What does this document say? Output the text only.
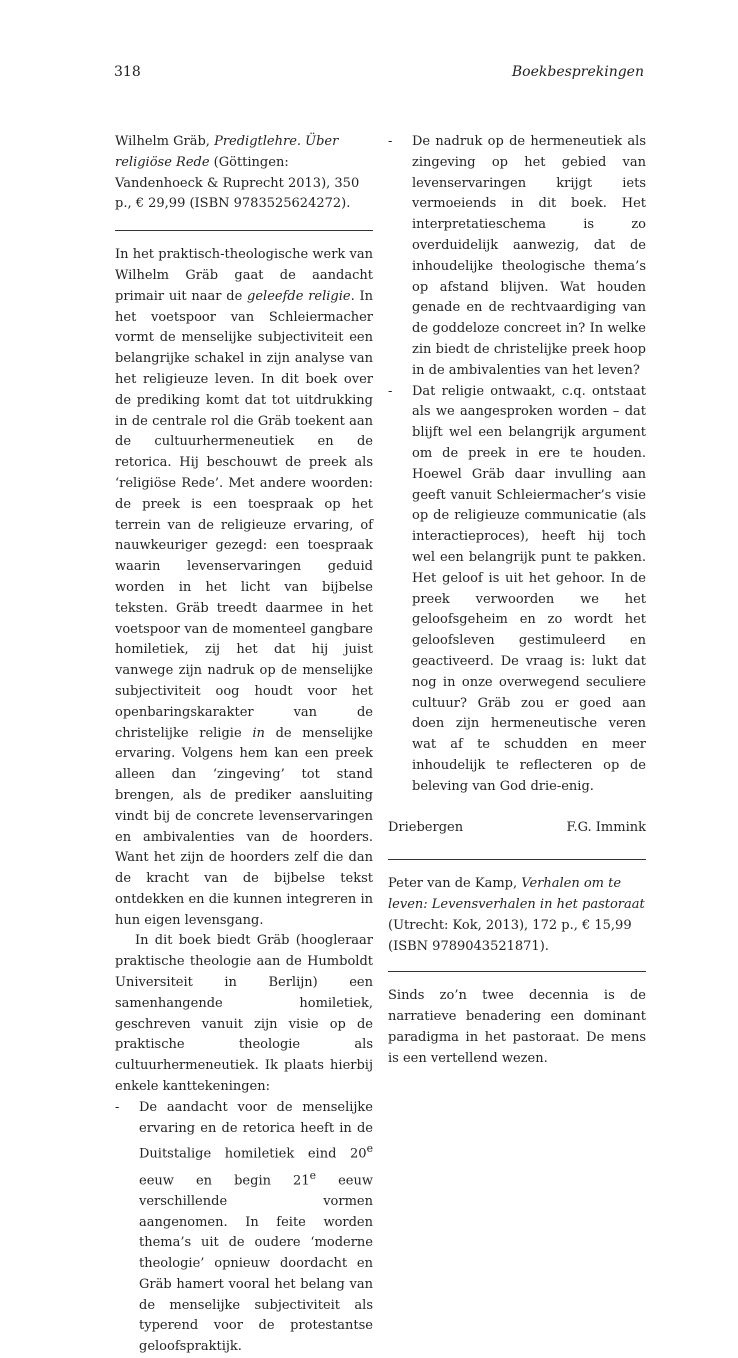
318	Boekbesprekingen

Wilhelm Gräb, Predigtlehre. Über religiöse Rede (Göttingen: Vandenhoeck & Ruprecht 2013), 350 p., € 29,99 (ISBN 9783525624272).

In het praktisch-theologische werk van Wilhelm Gräb gaat de aandacht primair uit naar de geleefde religie. In het voetspoor van Schleiermacher vormt de menselijke subjectiviteit een belangrijke schakel in zijn analyse van het religieuze leven. In dit boek over de prediking komt dat tot uitdrukking in de centrale rol die Gräb toekent aan de cultuurhermeneutiek en de retorica. Hij beschouwt de preek als ‘religiöse Rede’. Met andere woorden: de preek is een toespraak op het terrein van de religieuze ervaring, of nauwkeuriger gezegd: een toespraak waarin levenservaringen geduid worden in het licht van bijbelse teksten. Gräb treedt daarmee in het voetspoor van de momenteel gangbare homiletiek, zij het dat hij juist vanwege zijn nadruk op de menselijke subjectiviteit oog houdt voor het openbaringskarakter van de christelijke religie in de menselijke ervaring. Volgens hem kan een preek alleen dan ‘zingeving’ tot stand brengen, als de prediker aansluiting vindt bij de concrete levenservaringen en ambivalenties van de hoorders. Want het zijn de hoorders zelf die dan de kracht van de bijbelse tekst ontdekken en die kunnen integreren in hun eigen levensgang.

In dit boek biedt Gräb (hoogleraar praktische theologie aan de Humboldt Universiteit in Berlijn) een samenhangende homiletiek, geschreven vanuit zijn visie op de praktische theologie als cultuurhermeneutiek. Ik plaats hierbij enkele kanttekeningen:

- De aandacht voor de menselijke ervaring en de retorica heeft in de Duitstalige homiletiek eind 20e eeuw en begin 21e eeuw verschillende vormen aangenomen. In feite worden thema’s uit de oudere ‘moderne theologie’ opnieuw doordacht en Gräb hamert vooral het belang van de menselijke subjectiviteit als typerend voor de protestantse geloofspraktijk.
- De nadruk op de hermeneutiek als zingeving op het gebied van levenservaringen krijgt iets vermoeiends in dit boek. Het interpretatieschema is zo overduidelijk aanwezig, dat de inhoudelijke theologische thema’s op afstand blijven. Wat houden genade en de rechtvaardiging van de goddeloze concreet in? In welke zin biedt de christelijke preek hoop in de ambivalenties van het leven?
- Dat religie ontwaakt, c.q. ontstaat als we aangesproken worden – dat blijft wel een belangrijk argument om de preek in ere te houden. Hoewel Gräb daar invulling aan geeft vanuit Schleiermacher’s visie op de religieuze communicatie (als interactieproces), heeft hij toch wel een belangrijk punt te pakken. Het geloof is uit het gehoor. In de preek verwoorden we het geloofsgeheim en zo wordt het geloofsleven gestimuleerd en geactiveerd. De vraag is: lukt dat nog in onze overwegend seculiere cultuur? Gräb zou er goed aan doen zijn hermeneutische veren wat af te schudden en meer inhoudelijk te reflecteren op de beleving van God drie-enig.
Driebergen	F.G. Immink

Peter van de Kamp, Verhalen om te leven: Levensverhalen in het pastoraat (Utrecht: Kok, 2013), 172 p., € 15,99 (ISBN 9789043521871).

Sinds zo’n twee decennia is de narratieve benadering een dominant paradigma in het pastoraat. De mens is een vertellend wezen.
